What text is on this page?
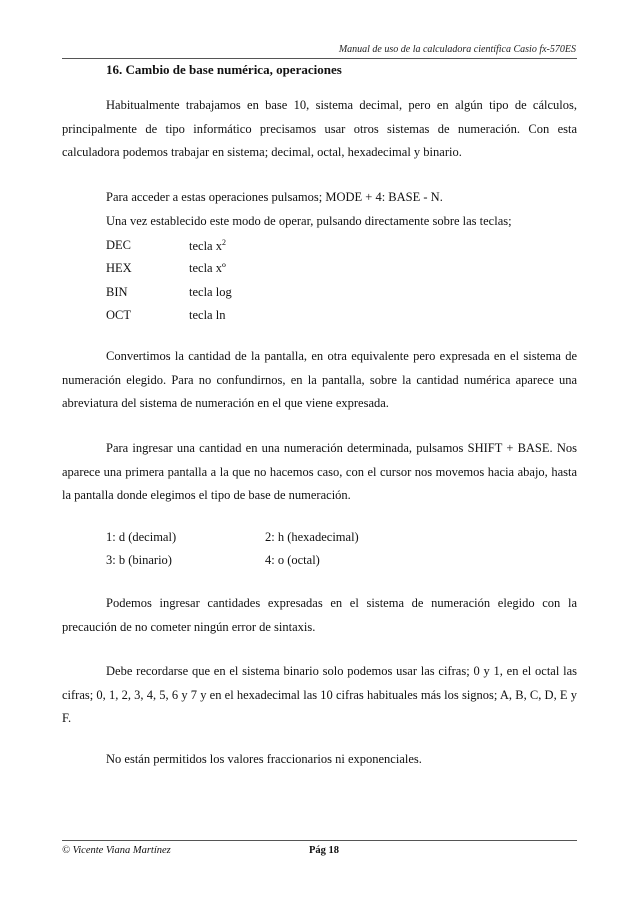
Manual de uso de la calculadora científica Casio fx-570ES
16. Cambio de base numérica, operaciones

Habitualmente trabajamos en base 10, sistema decimal, pero en algún tipo de cálculos, principalmente de tipo informático precisamos usar otros sistemas de numeración. Con esta calculadora podemos trabajar en sistema; decimal, octal, hexadecimal y binario.

Para acceder a estas operaciones pulsamos; MODE + 4: BASE - N.
Una vez establecido este modo de operar, pulsando directamente sobre las teclas;
DEC	tecla $x^2$
HEX	tecla xº
BIN	tecla log
OCT	tecla ln

Convertimos la cantidad de la pantalla, en otra equivalente pero expresada en el sistema de numeración elegido. Para no confundirnos, en la pantalla, sobre la cantidad numérica aparece una abreviatura del sistema de numeración en el que viene expresada.

Para ingresar una cantidad en una numeración determinada, pulsamos SHIFT + BASE. Nos aparece una primera pantalla a la que no hacemos caso, con el cursor nos movemos hacia abajo, hasta la pantalla donde elegimos el tipo de base de numeración.

1: d (decimal)	2: h (hexadecimal)
3: b (binario)	4: o (octal)

Podemos ingresar cantidades expresadas en el sistema de numeración elegido con la precaución de no cometer ningún error de sintaxis.

Debe recordarse que en el sistema binario solo podemos usar las cifras; 0 y 1, en el octal las cifras; 0, 1, 2, 3, 4, 5, 6 y 7 y en el hexadecimal las 10 cifras habituales más los signos; A, B, C, D, E y F.

No están permitidos los valores fraccionarios ni exponenciales.
© Vicente Viana Martínez	Pág 18
